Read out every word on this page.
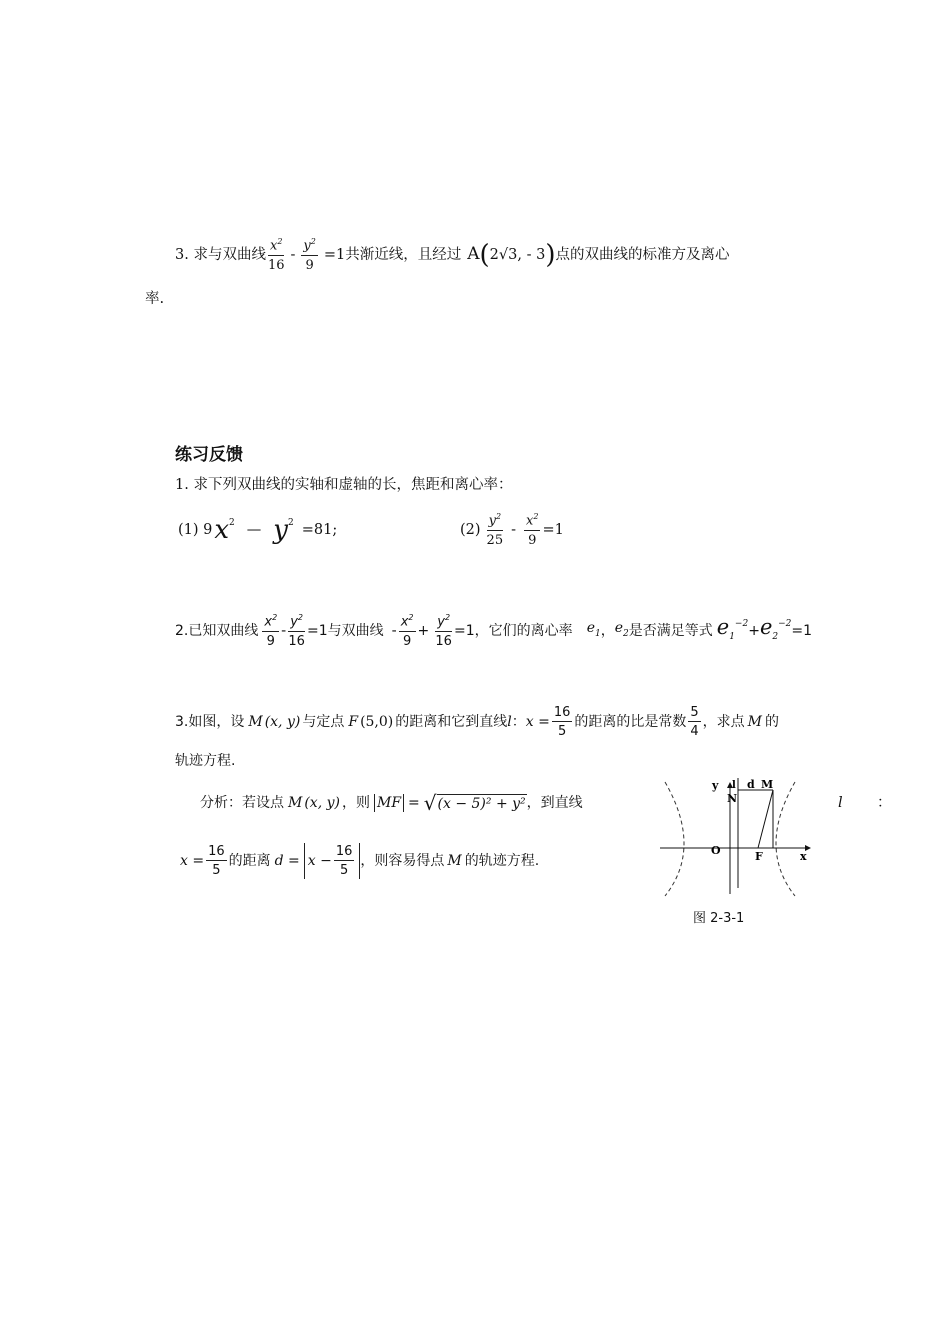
3. 求与双曲线 $\frac{x^2}{16} - \frac{y^2}{9} =1$共渐近线，且经过 A(2√3, - 3) 点的双曲线的标准方及离心
率.
练习反馈
1. 求下列双曲线的实轴和虚轴的长，焦距和离心率：
(1) 9 $x^2$ — $y^2 =81$;	$(2) \frac{y^2}{25} - \frac{x^2}{9} =1$
2.已知双曲线 $\frac{x^2}{9} - \frac{y^2}{16} =1$与双曲线 - $\frac{x^2}{9} + \frac{y^2}{16} =1$，它们的离心率 $e_1$ ， $e_2$ 是否满足等式 $e_1^{-2} + e_2^{-2} =1$
3.如图，设 M (x, y) 与定点 F (5,0) 的距离和它到直线 l ： $x = \frac{16}{5}$ 的距离的比是常数 $\frac{5}{4}$ ，求点 M 的
轨迹方程.
分析：若设点 M (x, y) ，则 MF = √ (x − 5)² + y² ，到直线	l ：
$x = \frac{16}{5}$ 的距离 $d = x - \frac{16}{5}$ ，则容易得点 M 的轨迹方程.
y l d M
N
O	F	x
图 2-3-1
